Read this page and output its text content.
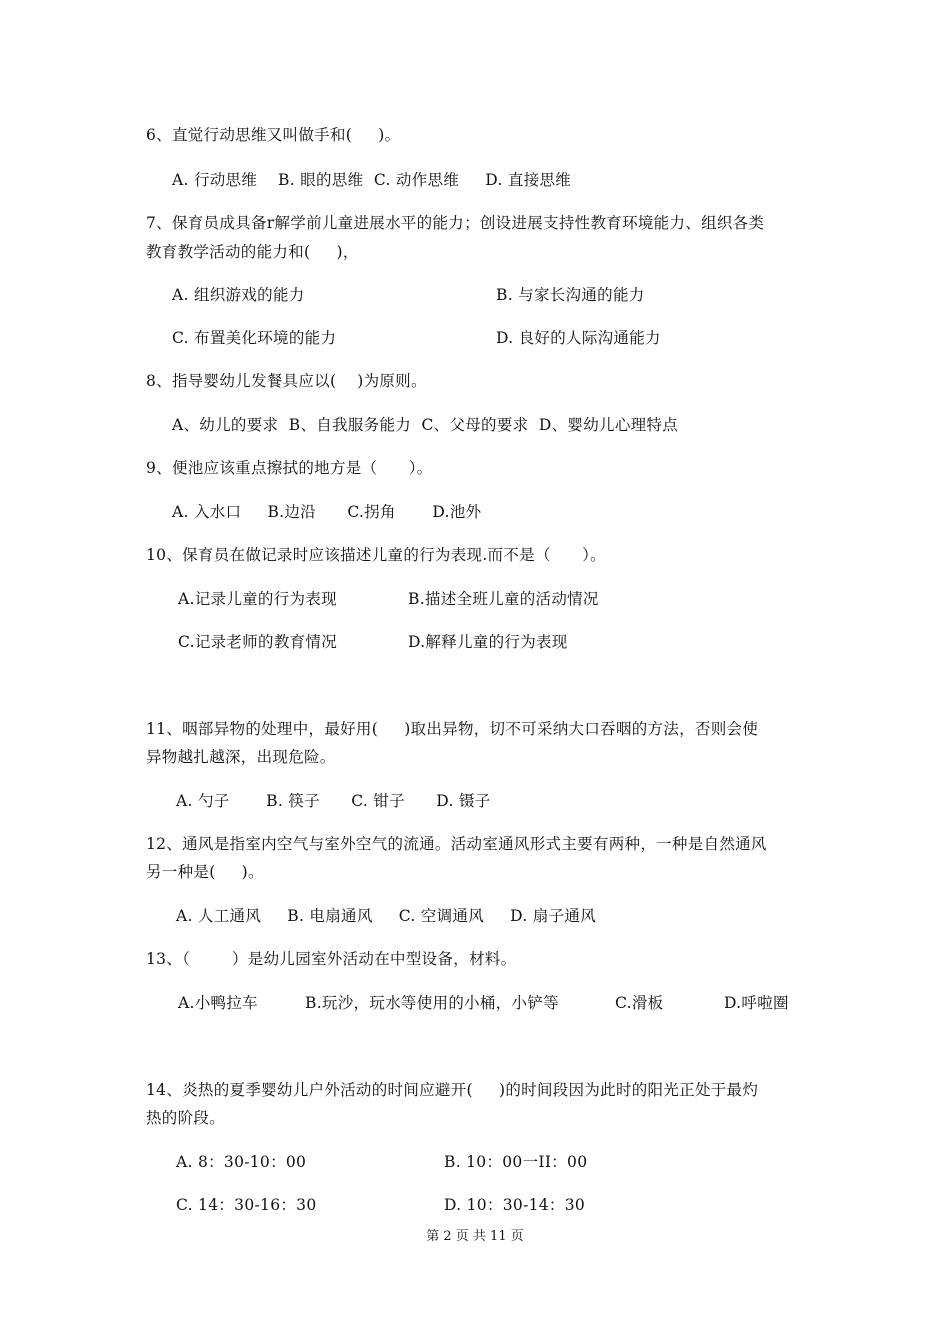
6、直觉行动思维又叫做手和(     )。
A. 行动思维    B. 眼的思维  C. 动作思维     D. 直接思维
7、保育员成具备r解学前儿童进展水平的能力；创设进展支持性教育环境能力、组织各类
教育教学活动的能力和(     )，
A. 组织游戏的能力	B. 与家长沟通的能力
C. 布置美化环境的能力	D. 良好的人际沟通能力
8、指导婴幼儿发餐具应以(    )为原则。
A、幼儿的要求  B、自我服务能力  C、父母的要求  D、婴幼儿心理特点
9、便池应该重点擦拭的地方是（      ）。
A. 入水口     B.边沿      C.拐角       D.池外
10、保育员在做记录时应该描述儿童的行为表现.而不是（      ）。
A.记录儿童的行为表现	B.描述全班儿童的活动情况
C.记录老师的教育情况	D.解释儿童的行为表现
11、咽部异物的处理中，最好用(     )取出异物，切不可采纳大口吞咽的方法，否则会使
异物越扎越深，出现危险。
A. 勺子       B. 筷子      C. 钳子      D. 镊子
12、通风是指室内空气与室外空气的流通。活动室通风形式主要有两种，一种是自然通风
另一种是(     )。
A. 人工通风     B. 电扇通风     C. 空调通风     D. 扇子通风
13、（        ）是幼儿园室外活动在中型设备，材料。
A.小鸭拉车	B.玩沙，玩水等使用的小桶，小铲等	C.滑板	D.呼啦圈
14、炎热的夏季婴幼儿户外活动的时间应避开(     )的时间段因为此时的阳光正处于最灼
热的阶段。
A. 8：30-10：00	B. 10：00一II：00
C. 14：30-16：30	D. 10：30-14：30
第 2 页 共 11 页
